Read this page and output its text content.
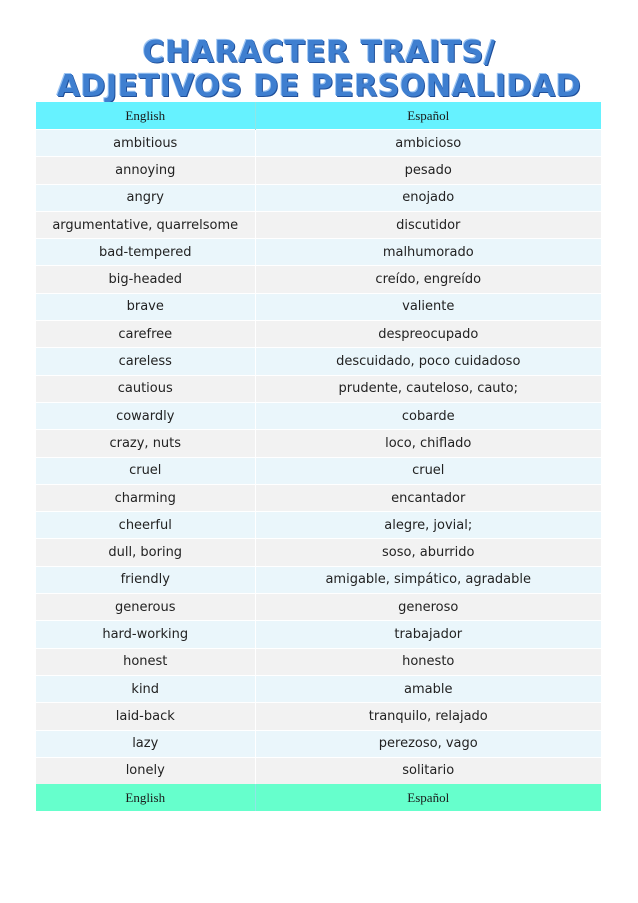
CHARACTER TRAITS/
ADJETIVOS DE PERSONALIDAD
English	Español
ambitious	ambicioso
annoying	pesado
angry	enojado
argumentative, quarrelsome	discutidor
bad-tempered	malhumorado
big-headed	creído, engreído
brave	valiente
carefree	despreocupado
careless	descuidado, poco cuidadoso
cautious	prudente, cauteloso, cauto;
cowardly	cobarde
crazy, nuts	loco, chiflado
cruel	cruel
charming	encantador
cheerful	alegre, jovial;
dull, boring	soso, aburrido
friendly	amigable, simpático, agradable
generous	generoso
hard-working	trabajador
honest	honesto
kind	amable
laid-back	tranquilo, relajado
lazy	perezoso, vago
lonely	solitario
English	Español
